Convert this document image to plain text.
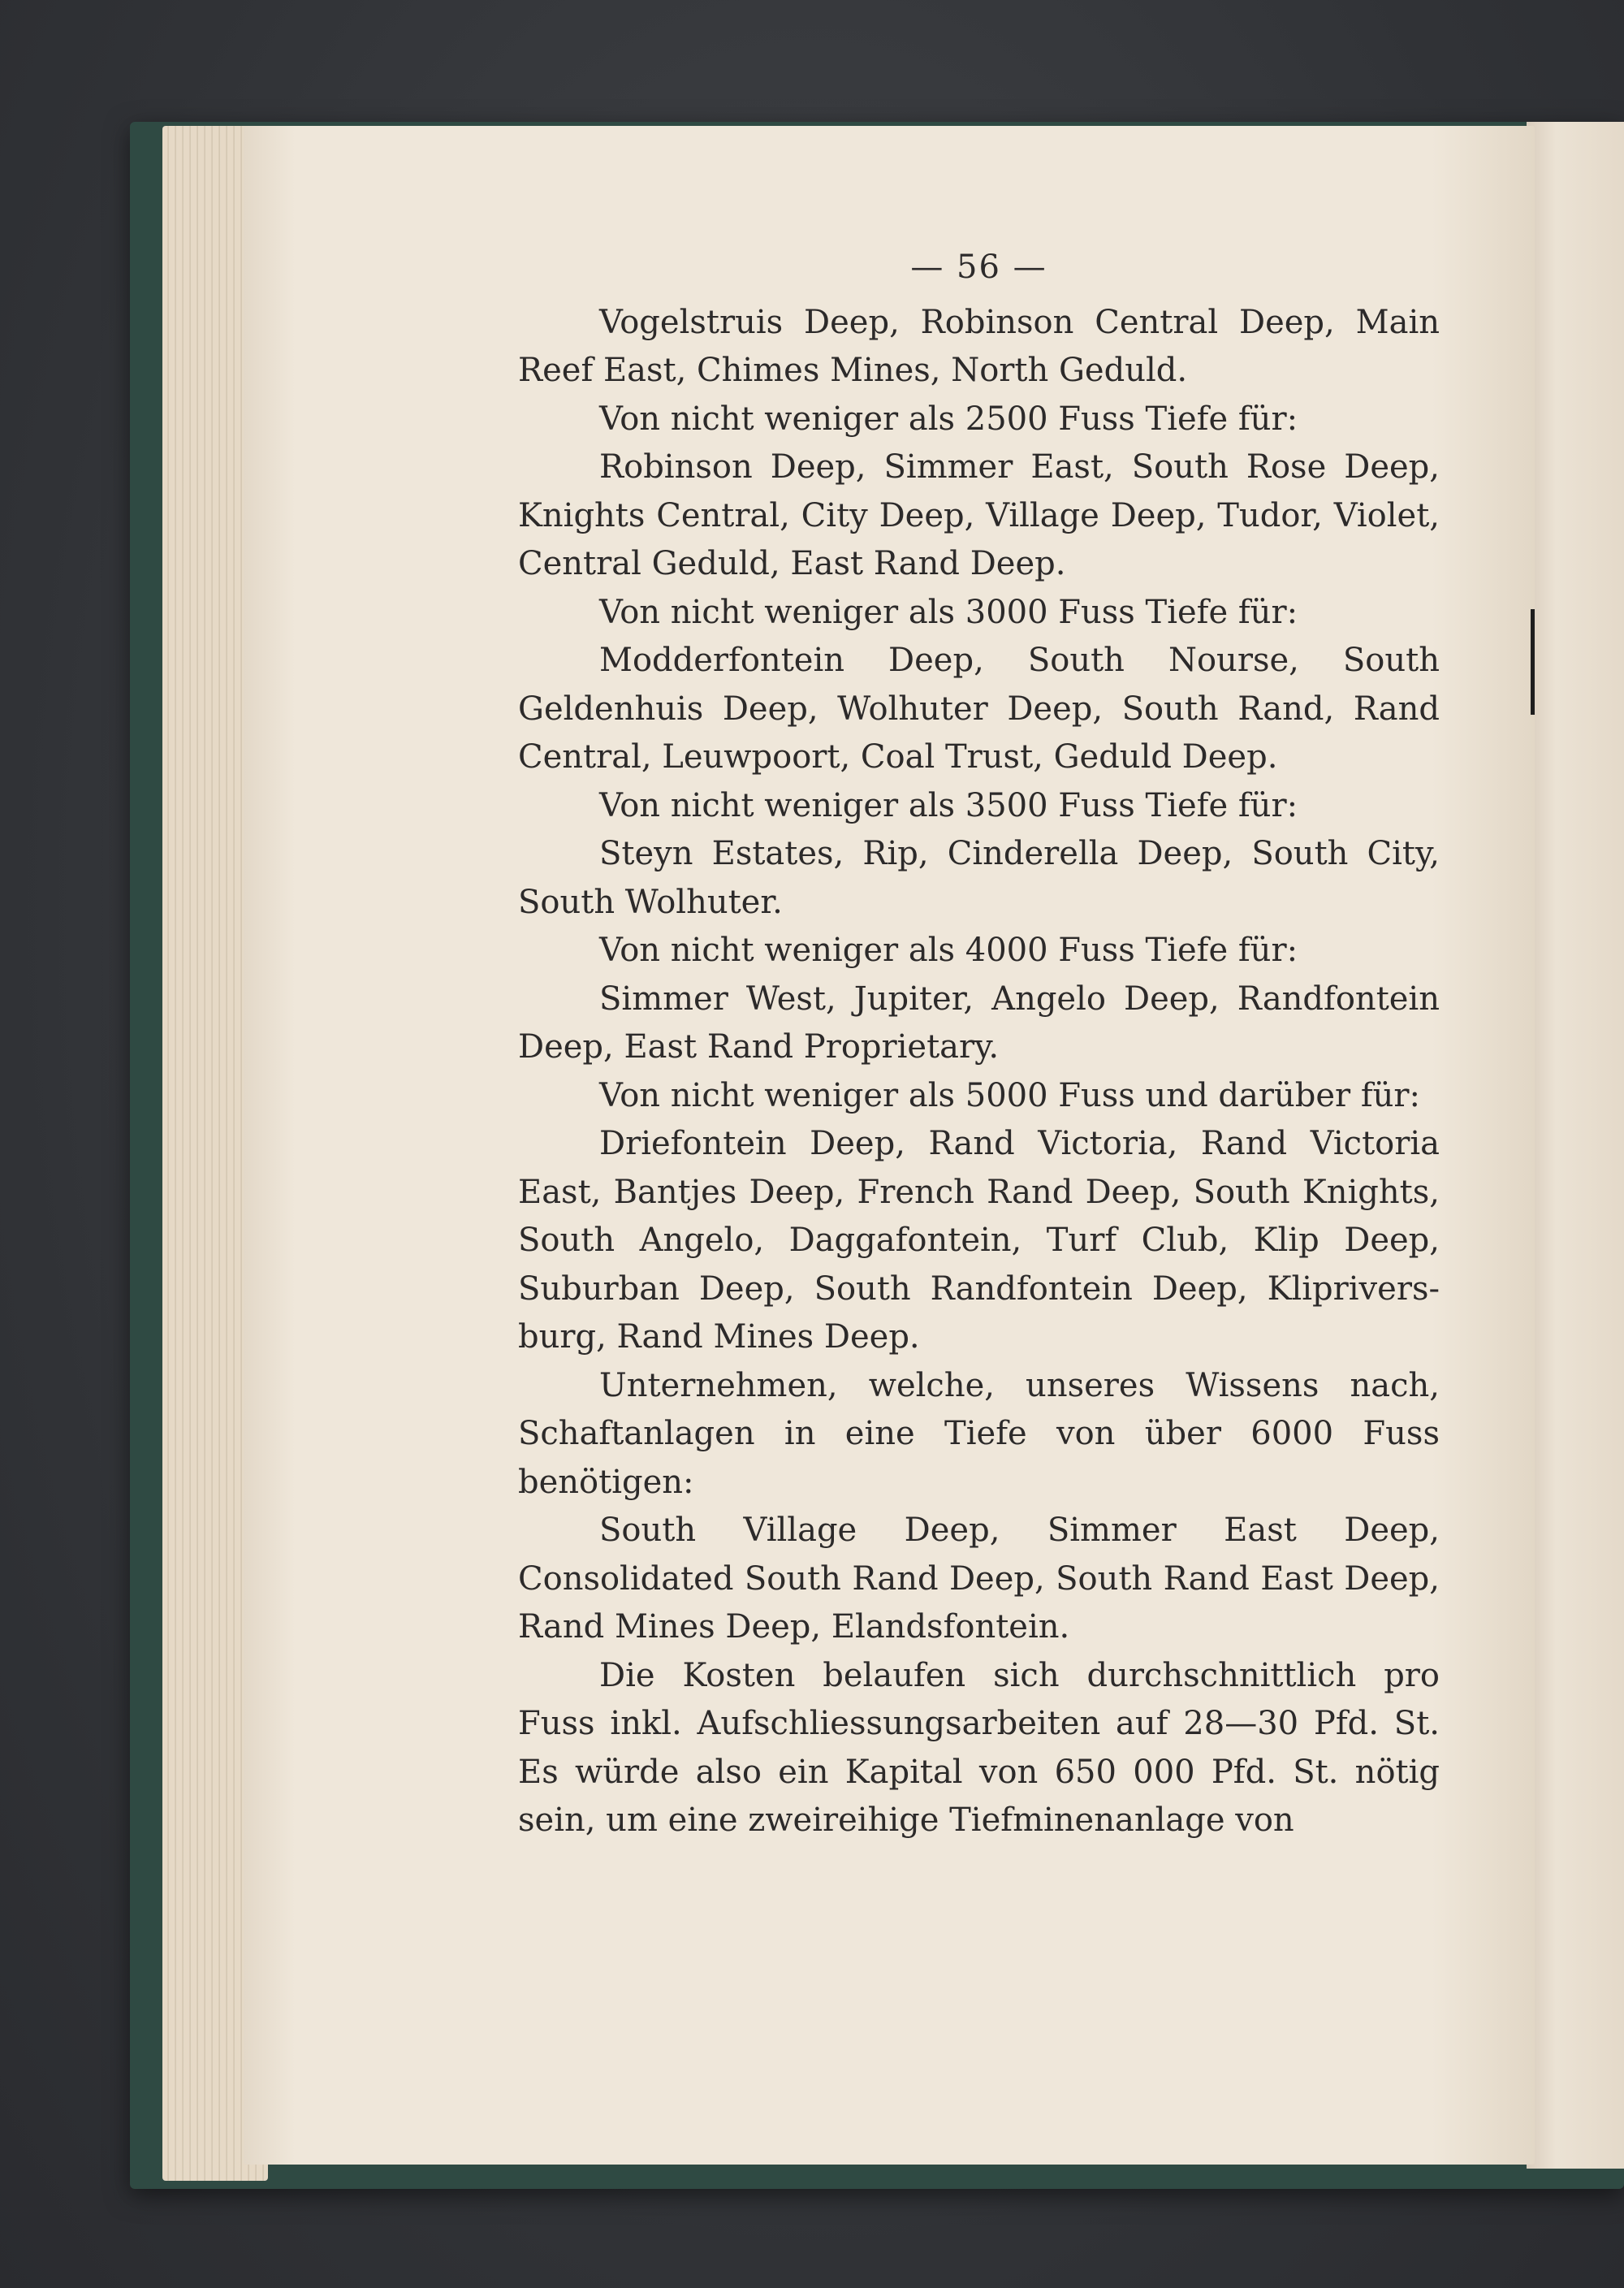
— 56 —

Vogelstruis Deep, Robinson Central Deep, Main Reef East, Chimes Mines, North Geduld.

Von nicht weniger als 2500 Fuss Tiefe für:

Robinson Deep, Simmer East, South Rose Deep, Knights Central, City Deep, Village Deep, Tudor, Violet, Central Geduld, East Rand Deep.

Von nicht weniger als 3000 Fuss Tiefe für:

Modderfontein Deep, South Nourse, South Geldenhuis Deep, Wolhuter Deep, South Rand, Rand Central, Leuwpoort, Coal Trust, Geduld Deep.

Von nicht weniger als 3500 Fuss Tiefe für:

Steyn Estates, Rip, Cinderella Deep, South City, South Wolhuter.

Von nicht weniger als 4000 Fuss Tiefe für:

Simmer West, Jupiter, Angelo Deep, Randfontein Deep, East Rand Proprietary.

Von nicht weniger als 5000 Fuss und darüber für:

Driefontein Deep, Rand Victoria, Rand Victoria East, Bantjes Deep, French Rand Deep, South Knights, South Angelo, Daggafontein, Turf Club, Klip Deep, Suburban Deep, South Randfontein Deep, Kliprivers-burg, Rand Mines Deep.

Unternehmen, welche, unseres Wissens nach, Schaftanlagen in eine Tiefe von über 6000 Fuss benötigen:

South Village Deep, Simmer East Deep, Consolidated South Rand Deep, South Rand East Deep, Rand Mines Deep, Elandsfontein.

Die Kosten belaufen sich durchschnittlich pro Fuss inkl. Aufschliessungsarbeiten auf 28—30 Pfd. St. Es würde also ein Kapital von 650 000 Pfd. St. nötig sein, um eine zweireihige Tiefminenanlage von
